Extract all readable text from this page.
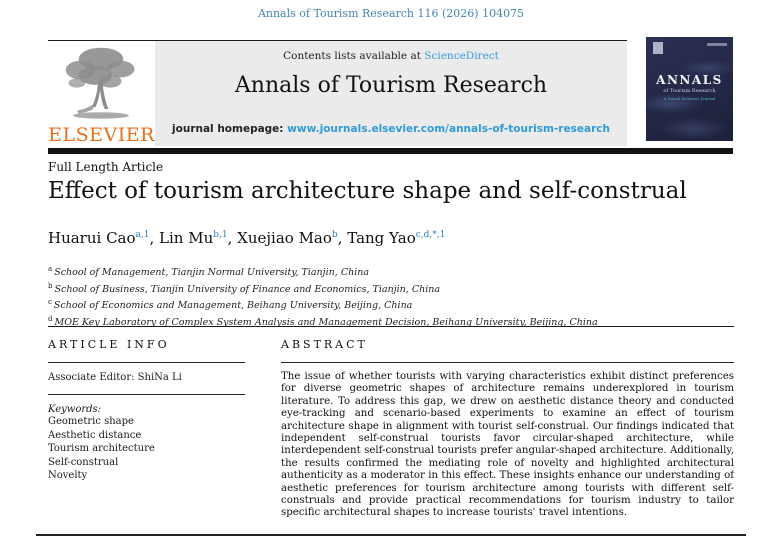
Annals of Tourism Research 116 (2026) 104075
ELSEVIER
Contents lists available at ScienceDirect
Annals of Tourism Research
journal homepage: www.journals.elsevier.com/annals-of-tourism-research
ANNALS
of Tourism Research
A Social Sciences Journal
Full Length Article
Effect of tourism architecture shape and self-construal
Huarui Cao$^{a,1}$, Lin Mu$^{b,1}$, Xuejiao Mao$^b$, Tang Yao$^{c,d,*,1}$
$^a$ School of Management, Tianjin Normal University, Tianjin, China
$^b$ School of Business, Tianjin University of Finance and Economics, Tianjin, China
$^c$ School of Economics and Management, Beihang University, Beijing, China
$^d$ MOE Key Laboratory of Complex System Analysis and Management Decision, Beihang University, Beijing, China
ARTICLE INFO
Associate Editor: ShiNa Li
Keywords:
Geometric shape
Aesthetic distance
Tourism architecture
Self-construal
Novelty
ABSTRACT
The issue of whether tourists with varying characteristics exhibit distinct preferences for diverse geometric shapes of architecture remains underexplored in tourism literature. To address this gap, we drew on aesthetic distance theory and conducted eye-tracking and scenario-based experiments to examine an effect of tourism architecture shape in alignment with tourist self-construal. Our findings indicated that independent self-construal tourists favor circular-shaped architecture, while interdependent self-construal tourists prefer angular-shaped architecture. Additionally, the results confirmed the mediating role of novelty and highlighted architectural authenticity as a moderator in this effect. These insights enhance our understanding of aesthetic preferences for tourism architecture among tourists with different self-construals and provide practical recommendations for tourism industry to tailor specific architectural shapes to increase tourists' travel intentions.
